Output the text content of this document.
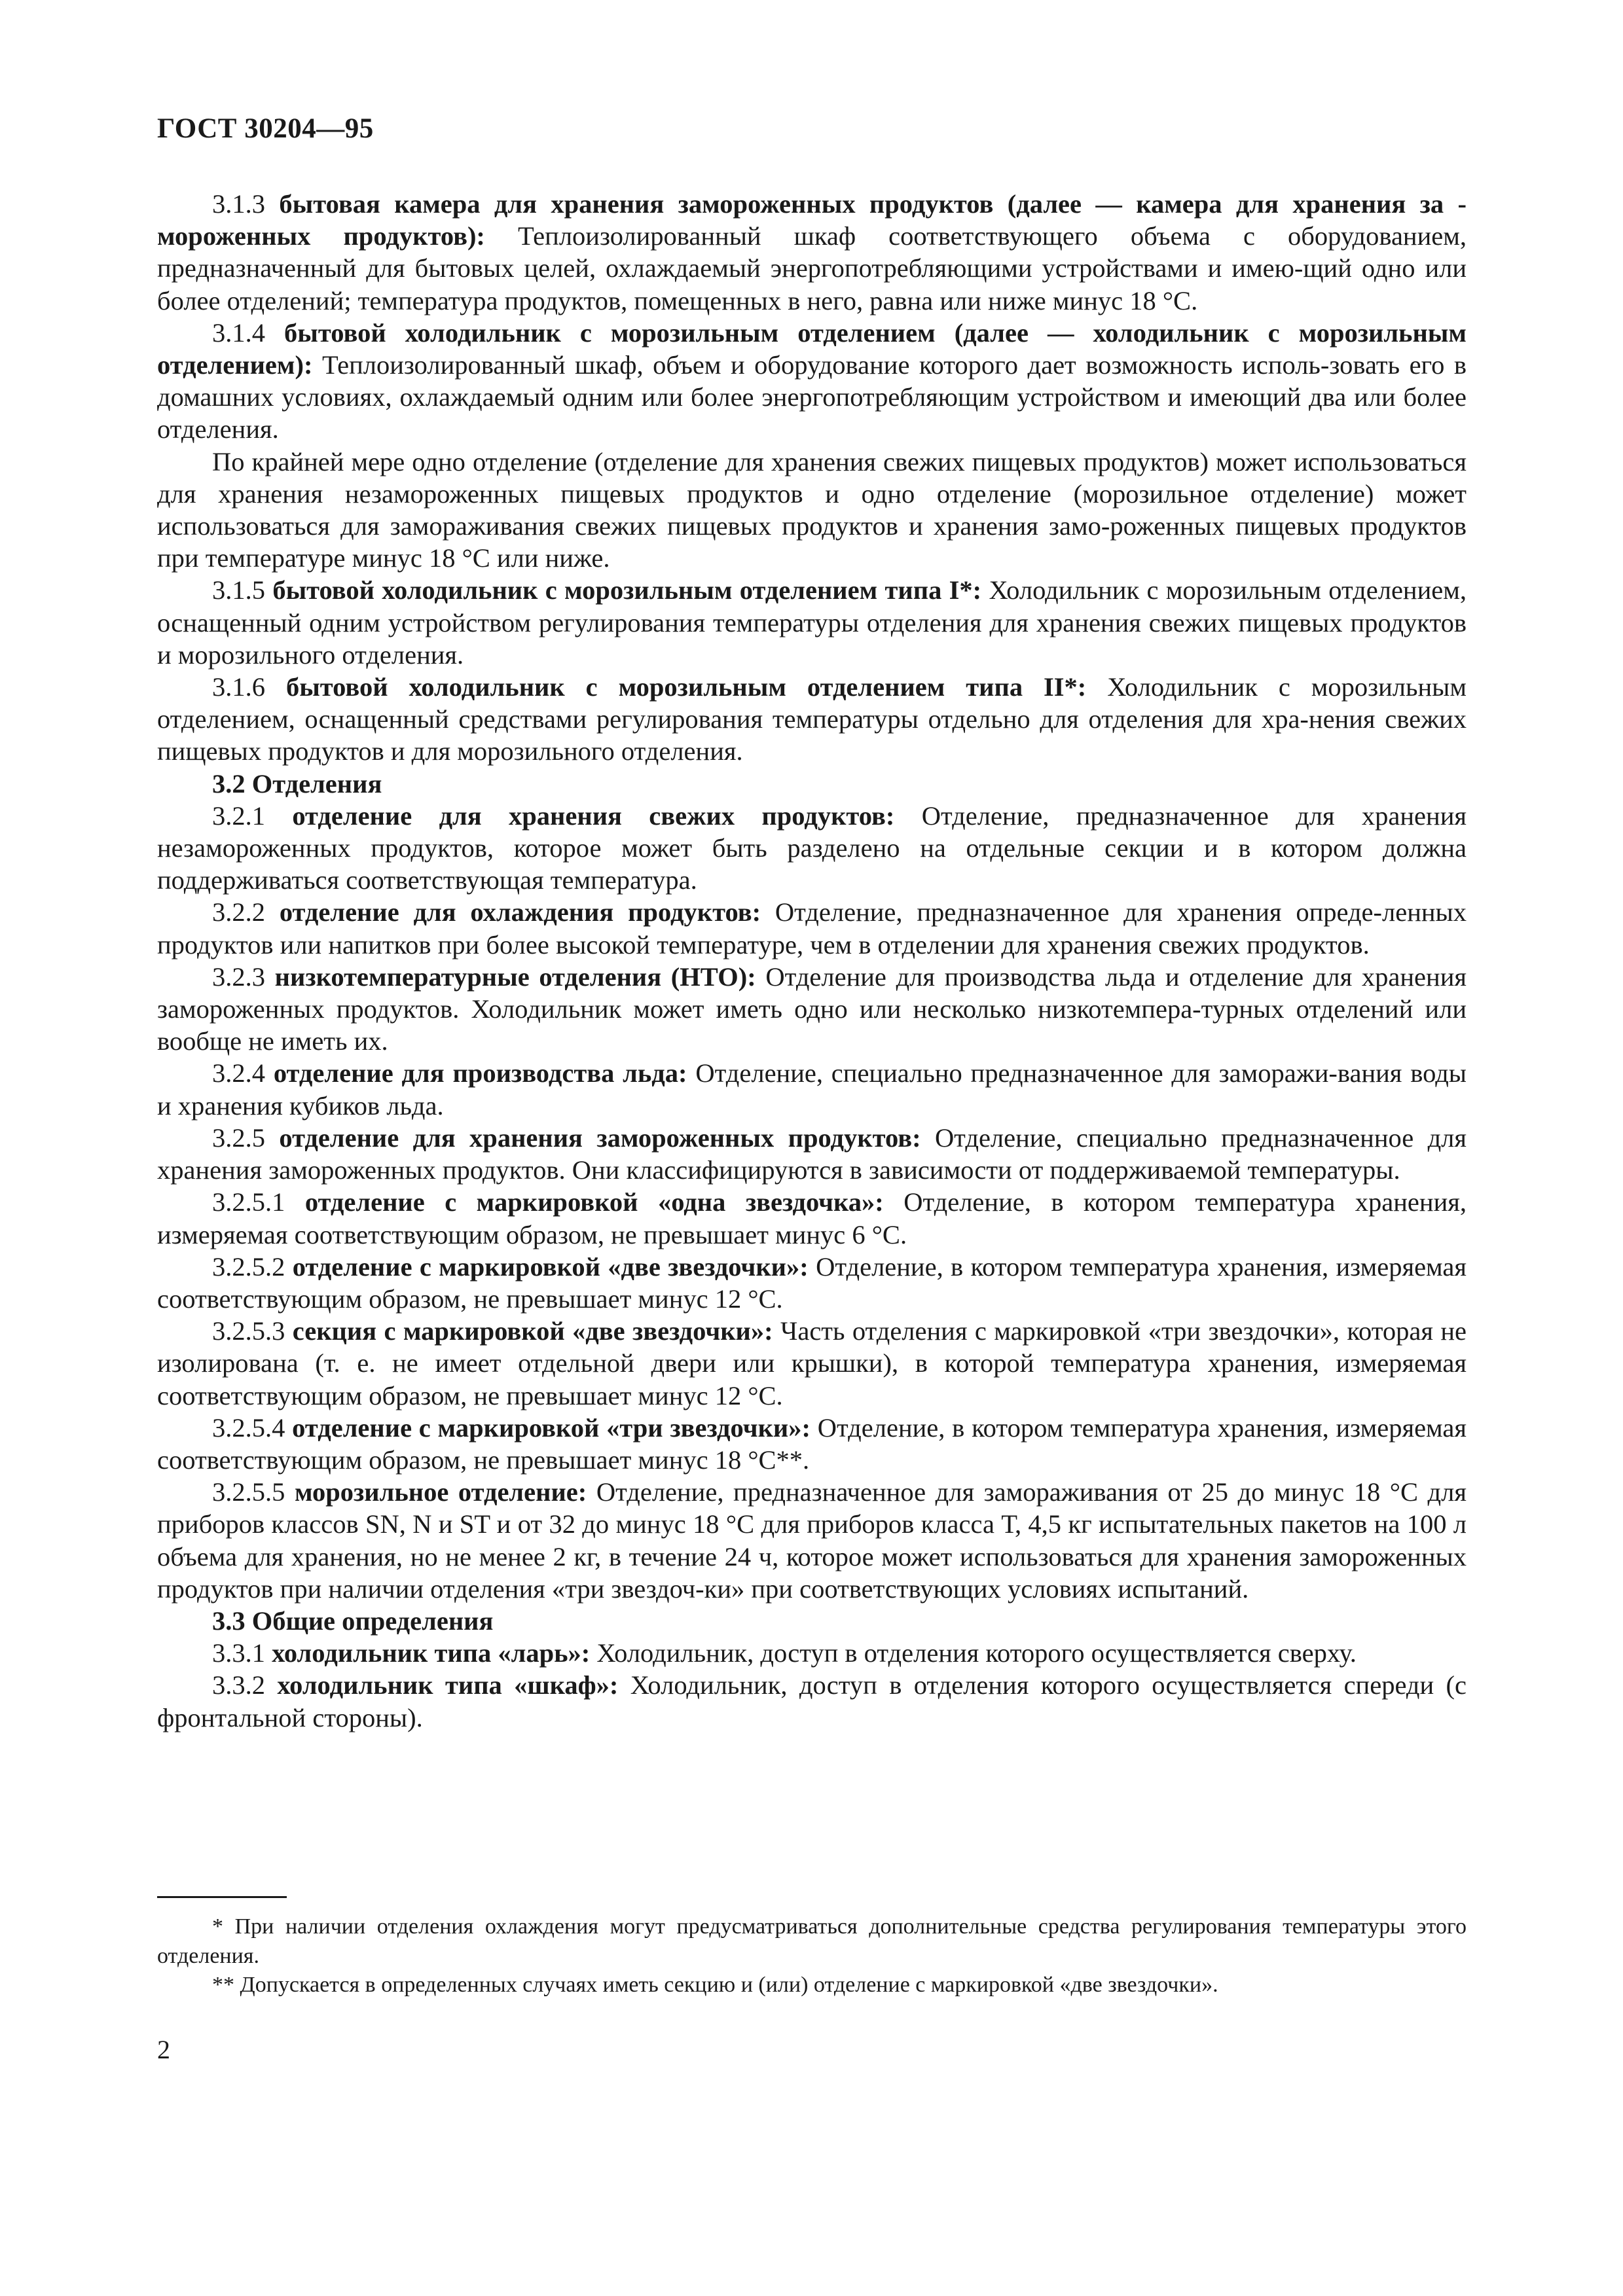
ГОСТ 30204—95

3.1.3 бытовая камера для хранения замороженных продуктов (далее — камера для хранения за - мороженных продуктов): Теплоизолированный шкаф соответствующего объема с оборудованием, предназначенный для бытовых целей, охлаждаемый энергопотребляющими устройствами и имею-щий одно или более отделений; температура продуктов, помещенных в него, равна или ниже минус 18 °С.

3.1.4 бытовой холодильник с морозильным отделением (далее — холодильник с морозильным отделением): Теплоизолированный шкаф, объем и оборудование которого дает возможность исполь-зовать его в домашних условиях, охлаждаемый одним или более энергопотребляющим устройством и имеющий два или более отделения.

По крайней мере одно отделение (отделение для хранения свежих пищевых продуктов) может использоваться для хранения незамороженных пищевых продуктов и одно отделение (морозильное отделение) может использоваться для замораживания свежих пищевых продуктов и хранения замо-роженных пищевых продуктов при температуре минус 18 °С или ниже.

3.1.5 бытовой холодильник с морозильным отделением типа I*: Холодильник с морозильным отделением, оснащенный одним устройством регулирования температуры отделения для хранения свежих пищевых продуктов и морозильного отделения.

3.1.6 бытовой холодильник с морозильным отделением типа II*: Холодильник с морозильным отделением, оснащенный средствами регулирования температуры отдельно для отделения для хра-нения свежих пищевых продуктов и для морозильного отделения.

3.2 Отделения

3.2.1 отделение для хранения свежих продуктов: Отделение, предназначенное для хранения незамороженных продуктов, которое может быть разделено на отдельные секции и в котором должна поддерживаться соответствующая температура.

3.2.2 отделение для охлаждения продуктов: Отделение, предназначенное для хранения опреде-ленных продуктов или напитков при более высокой температуре, чем в отделении для хранения свежих продуктов.

3.2.3 низкотемпературные отделения (НТО): Отделение для производства льда и отделение для хранения замороженных продуктов. Холодильник может иметь одно или несколько низкотемпера-турных отделений или вообще не иметь их.

3.2.4 отделение для производства льда: Отделение, специально предназначенное для заморажи-вания воды и хранения кубиков льда.

3.2.5 отделение для хранения замороженных продуктов: Отделение, специально предназначенное для хранения замороженных продуктов. Они классифицируются в зависимости от поддерживаемой температуры.

3.2.5.1 отделение с маркировкой «одна звездочка»: Отделение, в котором температура хранения, измеряемая соответствующим образом, не превышает минус 6 °С.

3.2.5.2 отделение с маркировкой «две звездочки»: Отделение, в котором температура хранения, измеряемая соответствующим образом, не превышает минус 12 °С.

3.2.5.3 секция с маркировкой «две звездочки»: Часть отделения с маркировкой «три звездочки», которая не изолирована (т. е. не имеет отдельной двери или крышки), в которой температура хранения, измеряемая соответствующим образом, не превышает минус 12 °С.

3.2.5.4 отделение с маркировкой «три звездочки»: Отделение, в котором температура хранения, измеряемая соответствующим образом, не превышает минус 18 °С**.

3.2.5.5 морозильное отделение: Отделение, предназначенное для замораживания от 25 до минус 18 °С для приборов классов SN, N и ST и от 32 до минус 18 °С для приборов класса Т, 4,5 кг испытательных пакетов на 100 л объема для хранения, но не менее 2 кг, в течение 24 ч, которое может использоваться для хранения замороженных продуктов при наличии отделения «три звездоч-ки» при соответствующих условиях испытаний.

3.3 Общие определения

3.3.1 холодильник типа «ларь»: Холодильник, доступ в отделения которого осуществляется сверху.

3.3.2 холодильник типа «шкаф»: Холодильник, доступ в отделения которого осуществляется спереди (с фронтальной стороны).

* При наличии отделения охлаждения могут предусматриваться дополнительные средства регулирования температуры этого отделения.

** Допускается в определенных случаях иметь секцию и (или) отделение с маркировкой «две звездочки».

2
